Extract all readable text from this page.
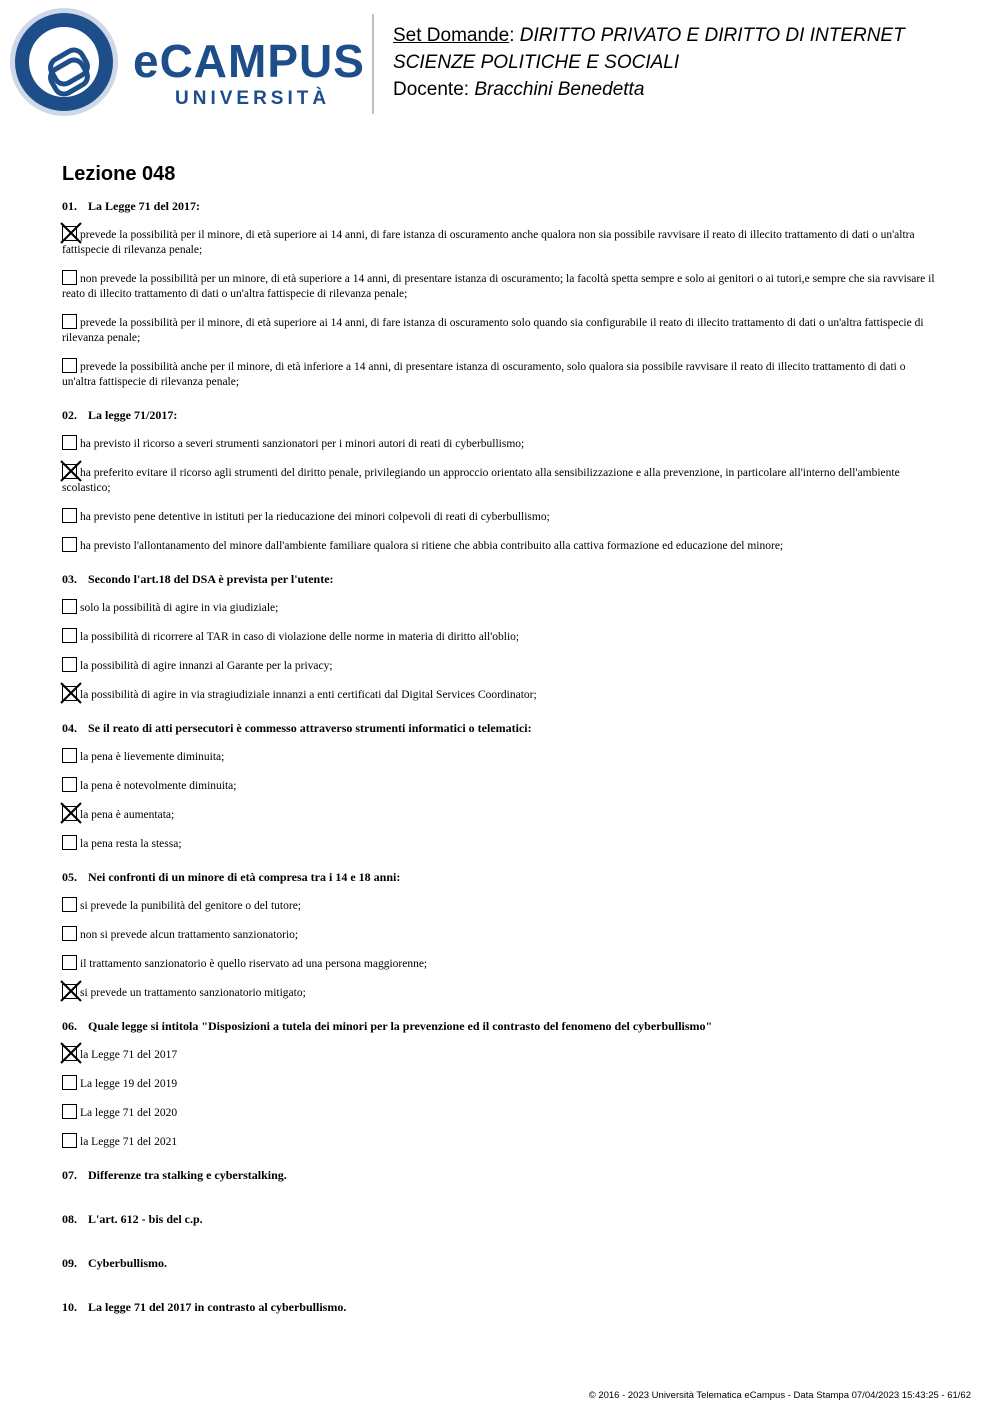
eCAMPUS
UNIVERSITÀ
Set Domande: DIRITTO PRIVATO E DIRITTO DI INTERNET
SCIENZE POLITICHE E SOCIALI
Docente: Bracchini Benedetta
Lezione 048
01. La Legge 71 del 2017:
prevede la possibilità per il minore, di età superiore ai 14 anni, di fare istanza di oscuramento anche qualora non sia possibile ravvisare il reato di illecito trattamento di dati o un'altra fattispecie di rilevanza penale;
non prevede la possibilità per un minore, di età superiore a 14 anni, di presentare istanza di oscuramento; la facoltà spetta sempre e solo ai genitori o ai tutori,e sempre che sia ravvisare il reato di illecito trattamento di dati o un'altra fattispecie di rilevanza penale;
prevede la possibilità per il minore, di età superiore ai 14 anni, di fare istanza di oscuramento solo quando sia configurabile il reato di illecito trattamento di dati o un'altra fattispecie di rilevanza penale;
prevede la possibilità anche per il minore, di età inferiore a 14 anni, di presentare istanza di oscuramento, solo qualora sia possibile ravvisare il reato di illecito trattamento di dati o un'altra fattispecie di rilevanza penale;
02. La legge 71/2017:
ha previsto il ricorso a severi strumenti sanzionatori per i minori autori di reati di cyberbullismo;
ha preferito evitare il ricorso agli strumenti del diritto penale, privilegiando un approccio orientato alla sensibilizzazione e alla prevenzione, in particolare all'interno dell'ambiente scolastico;
ha previsto pene detentive in istituti per la rieducazione dei minori colpevoli di reati di cyberbullismo;
ha previsto l'allontanamento del minore dall'ambiente familiare qualora si ritiene che abbia contribuito alla cattiva formazione ed educazione del minore;
03. Secondo l'art.18 del DSA è prevista per l'utente:
solo la possibilità di agire in via giudiziale;
la possibilità di ricorrere al TAR in caso di violazione delle norme in materia di diritto all'oblio;
la possibilità di agire innanzi al Garante per la privacy;
la possibilità di agire in via stragiudiziale innanzi a enti certificati dal Digital Services Coordinator;
04. Se il reato di atti persecutori è commesso attraverso strumenti informatici o telematici:
la pena è lievemente diminuita;
la pena è notevolmente diminuita;
la pena è aumentata;
la pena resta la stessa;
05. Nei confronti di un minore di età compresa tra i 14 e 18 anni:
si prevede la punibilità del genitore o del tutore;
non si prevede alcun trattamento sanzionatorio;
il trattamento sanzionatorio è quello riservato ad una persona maggiorenne;
si prevede un trattamento sanzionatorio mitigato;
06. Quale legge si intitola "Disposizioni a tutela dei minori per la prevenzione ed il contrasto del fenomeno del cyberbullismo"
la Legge 71 del 2017
La legge 19 del 2019
La legge 71 del 2020
la Legge 71 del 2021
07. Differenze tra stalking e cyberstalking.
08. L'art. 612 - bis del c.p.
09. Cyberbullismo.
10. La legge 71 del 2017 in contrasto al cyberbullismo.
© 2016 - 2023 Università Telematica eCampus - Data Stampa 07/04/2023 15:43:25 - 61/62
